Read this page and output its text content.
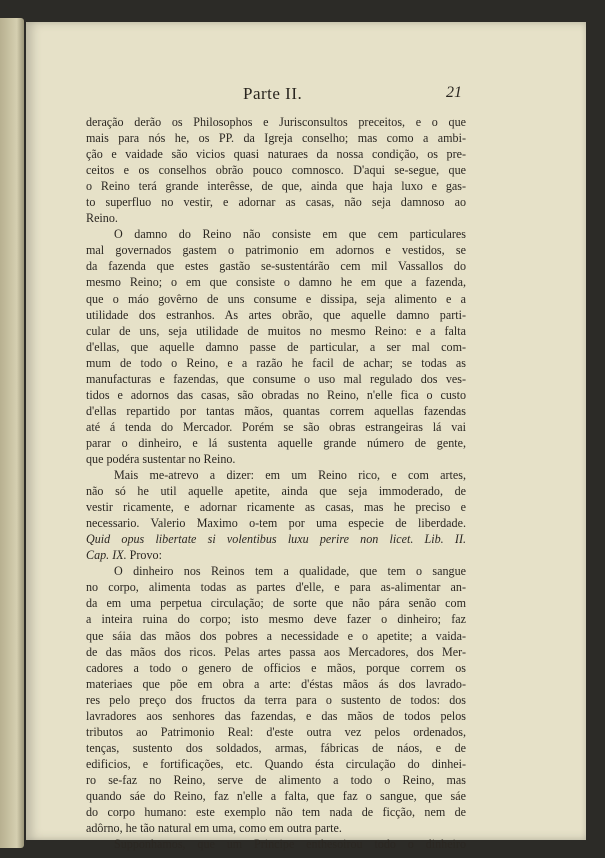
Parte II.	21
deração derão os Philosophos e Jurisconsultos preceitos, e o que
mais para nós he, os PP. da Igreja conselho; mas como a ambi-
ção e vaidade são vicios quasi naturaes da nossa condição, os pre-
ceitos e os conselhos obrão pouco comnosco. D'aqui se-segue, que
o Reino terá grande interêsse, de que, ainda que haja luxo e gas-
to superfluo no vestir, e adornar as casas, não seja damnoso ao
Reino.
O damno do Reino não consiste em que cem particulares
mal governados gastem o patrimonio em adornos e vestidos, se
da fazenda que estes gastão se-sustentárão cem mil Vassallos do
mesmo Reino; o em que consiste o damno he em que a fazenda,
que o máo govêrno de uns consume e dissipa, seja alimento e a
utilidade dos estranhos. As artes obrão, que aquelle damno parti-
cular de uns, seja utilidade de muitos no mesmo Reino: e a falta
d'ellas, que aquelle damno passe de particular, a ser mal com-
mum de todo o Reino, e a razão he facil de achar; se todas as
manufacturas e fazendas, que consume o uso mal regulado dos ves-
tidos e adornos das casas, são obradas no Reino, n'elle fica o custo
d'ellas repartido por tantas mãos, quantas correm aquellas fazendas
até á tenda do Mercador. Porém se são obras estrangeiras lá vai
parar o dinheiro, e lá sustenta aquelle grande número de gente,
que podéra sustentar no Reino.
Mais me-atrevo a dizer: em um Reino rico, e com artes,
não só he util aquelle apetite, ainda que seja immoderado, de
vestir ricamente, e adornar ricamente as casas, mas he preciso e
necessario. Valerio Maximo o-tem por uma especie de liberdade.
Quid opus libertate si volentibus luxu perire non licet. Lib. II.
Cap. IX. Provo:
O dinheiro nos Reinos tem a qualidade, que tem o sangue
no corpo, alimenta todas as partes d'elle, e para as-alimentar an-
da em uma perpetua circulação; de sorte que não pára senão com
a inteira ruina do corpo; isto mesmo deve fazer o dinheiro; faz
que sáia das mãos dos pobres a necessidade e o apetite; a vaida-
de das mãos dos ricos. Pelas artes passa aos Mercadores, dos Mer-
cadores a todo o genero de officios e mãos, porque correm os
materiaes que põe em obra a arte: d'éstas mãos ás dos lavrado-
res pelo preço dos fructos da terra para o sustento de todos: dos
lavradores aos senhores das fazendas, e das mãos de todos pelos
tributos ao Patrimonio Real: d'este outra vez pelos ordenados,
tenças, sustento dos soldados, armas, fábricas de náos, e de
edificios, e fortificações, etc. Quando ésta circulação do dinhei-
ro se-faz no Reino, serve de alimento a todo o Reino, mas
quando sáe do Reino, faz n'elle a falta, que faz o sangue, que sáe
do corpo humano: este exemplo não tem nada de ficção, nem de
adôrno, he tão natural em uma, como em outra parte.
Supponhamos, que um Principe enthesoirou todo o dinheiro
